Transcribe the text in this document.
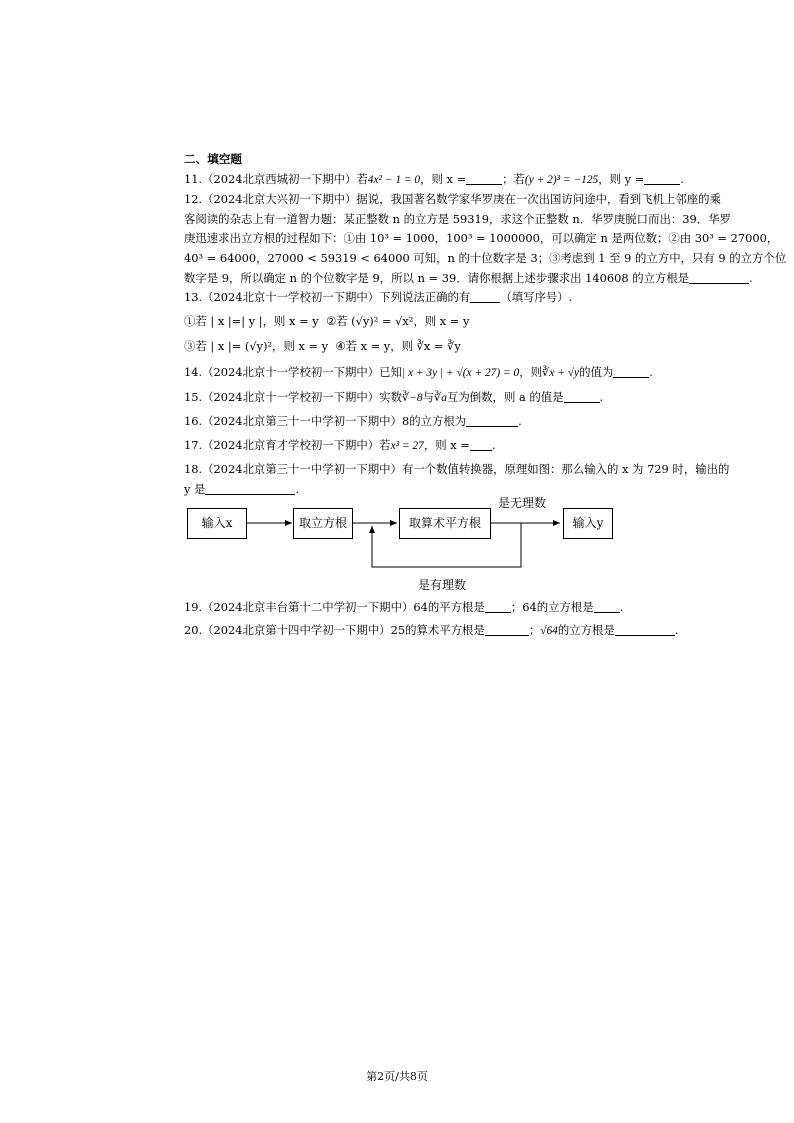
二、填空题
11.（2024北京西城初一下期中）若4x² − 1 = 0，则 x =	；若(y + 2)³ = −125，则 y =	.
12.（2024北京大兴初一下期中）据说，我国著名数学家华罗庚在一次出国访问途中，看到飞机上邻座的乘
客阅读的杂志上有一道智力题：某正整数 n 的立方是 59319，求这个正整数 n．华罗庚脱口而出：39．华罗
庚迅速求出立方根的过程如下：①由 10³ = 1000，100³ = 1000000，可以确定 n 是两位数；②由 30³ = 27000，
40³ = 64000，27000 < 59319 < 64000 可知，n 的十位数字是 3；③考虑到 1 至 9 的立方中，只有 9 的立方个位
数字是 9，所以确定 n 的个位数字是 9，所以 n = 39．请你根据上述步骤求出 140608 的立方根是	.
13.（2024北京十一学校初一下期中）下列说法正确的有	（填写序号）.
①若 | x |=| y |，则 x = y ②若 (√y)² = √x²，则 x = y
③若 | x |= (√y)²，则 x = y ④若 x = y，则 ∛x = ∛y
14.（2024北京十一学校初一下期中）已知| x + 3y | + √(x + 27) = 0，则∛x + √y的值为	.
15.（2024北京十一学校初一下期中）实数∛−8与∛a互为倒数，则 a 的值是	.
16.（2024北京第三十一中学初一下期中）8的立方根为	.
17.（2024北京育才学校初一下期中）若x³ = 27，则 x = .
18.（2024北京第三十一中学初一下期中）有一个数值转换器，原理如图：那么输入的 x 为 729 时，输出的
y 是	.
输入x	取立方根	取算术平方根	输入y
是无理数
是有理数
19.（2024北京丰台第十二中学初一下期中）64的平方根是 ；64的立方根是 .
20.（2024北京第十四中学初一下期中）25的算术平方根是	；√64的立方根是	.
第2页/共8页
